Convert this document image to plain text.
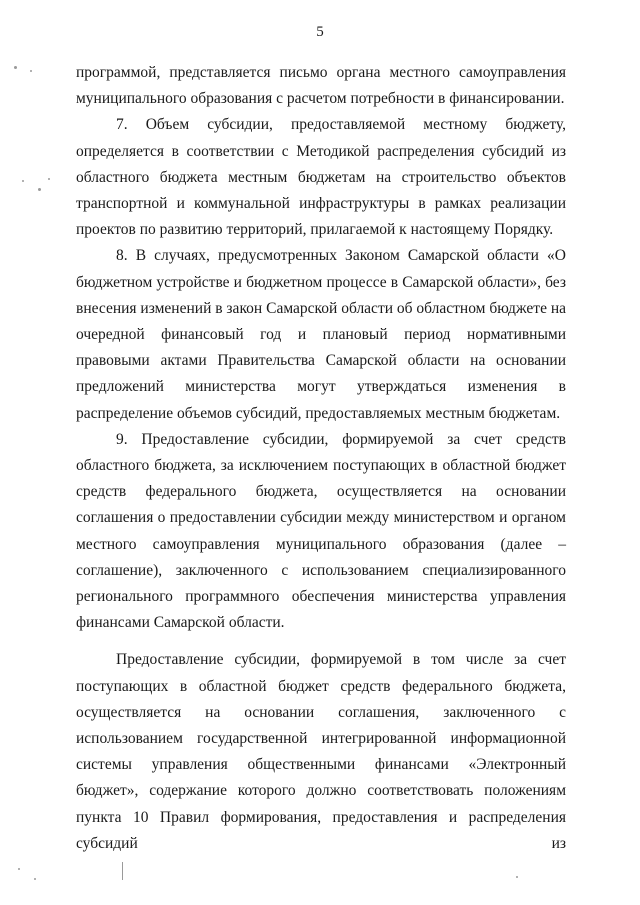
5

программой, представляется письмо органа местного самоуправления муниципального образования с расчетом потребности в финансировании.

7. Объем субсидии, предоставляемой местному бюджету, определяется в соответствии с Методикой распределения субсидий из областного бюджета местным бюджетам на строительство объектов транспортной и коммунальной инфраструктуры в рамках реализации проектов по развитию территорий, прилагаемой к настоящему Порядку.

8. В случаях, предусмотренных Законом Самарской области «О бюджетном устройстве и бюджетном процессе в Самарской области», без внесения изменений в закон Самарской области об областном бюджете на очередной финансовый год и плановый период нормативными правовыми актами Правительства Самарской области на основании предложений министерства могут утверждаться изменения в распределение объемов субсидий, предоставляемых местным бюджетам.

9. Предоставление субсидии, формируемой за счет средств областного бюджета, за исключением поступающих в областной бюджет средств федерального бюджета, осуществляется на основании соглашения о предоставлении субсидии между министерством и органом местного самоуправления муниципального образования (далее – соглашение), заключенного с использованием специализированного регионального программного обеспечения министерства управления финансами Самарской области.

Предоставление субсидии, формируемой в том числе за счет поступающих в областной бюджет средств федерального бюджета, осуществляется на основании соглашения, заключенного с использованием государственной интегрированной информационной системы управления общественными финансами «Электронный бюджет», содержание которого должно соответствовать положениям пункта 10 Правил формирования, предоставления и распределения субсидий из
